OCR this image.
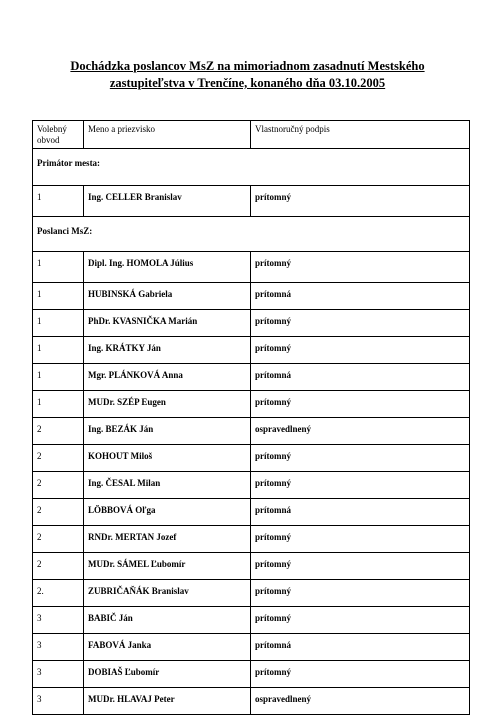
Dochádzka poslancov MsZ na mimoriadnom zasadnutí Mestského
zastupiteľstva v Trenčíne, konaného dňa 03.10.2005
Volebný
obvod	Meno a priezvisko	Vlastnoručný podpis
Primátor mesta:		
1	Ing. CELLER Branislav	prítomný
Poslanci MsZ:		
1	Dipl. Ing. HOMOLA Július	prítomný
1	HUBINSKÁ Gabriela	prítomná
1	PhDr. KVASNIČKA Marián	prítomný
1	Ing. KRÁTKY Ján	prítomný
1	Mgr. PLÁNKOVÁ Anna	prítomná
1	MUDr. SZÉP Eugen	prítomný
2	Ing. BEZÁK Ján	ospravedlnený
2	KOHOUT Miloš	prítomný
2	Ing. ČESAL Milan	prítomný
2	LÖBBOVÁ Oľga	prítomná
2	RNDr. MERTAN Jozef	prítomný
2	MUDr. SÁMEL Ľubomír	prítomný
2.	ZUBRIČAŇÁK Branislav	prítomný
3	BABIČ Ján	prítomný
3	FABOVÁ Janka	prítomná
3	DOBIAŠ Ľubomír	prítomný
3	MUDr. HLAVAJ Peter	ospravedlnený
